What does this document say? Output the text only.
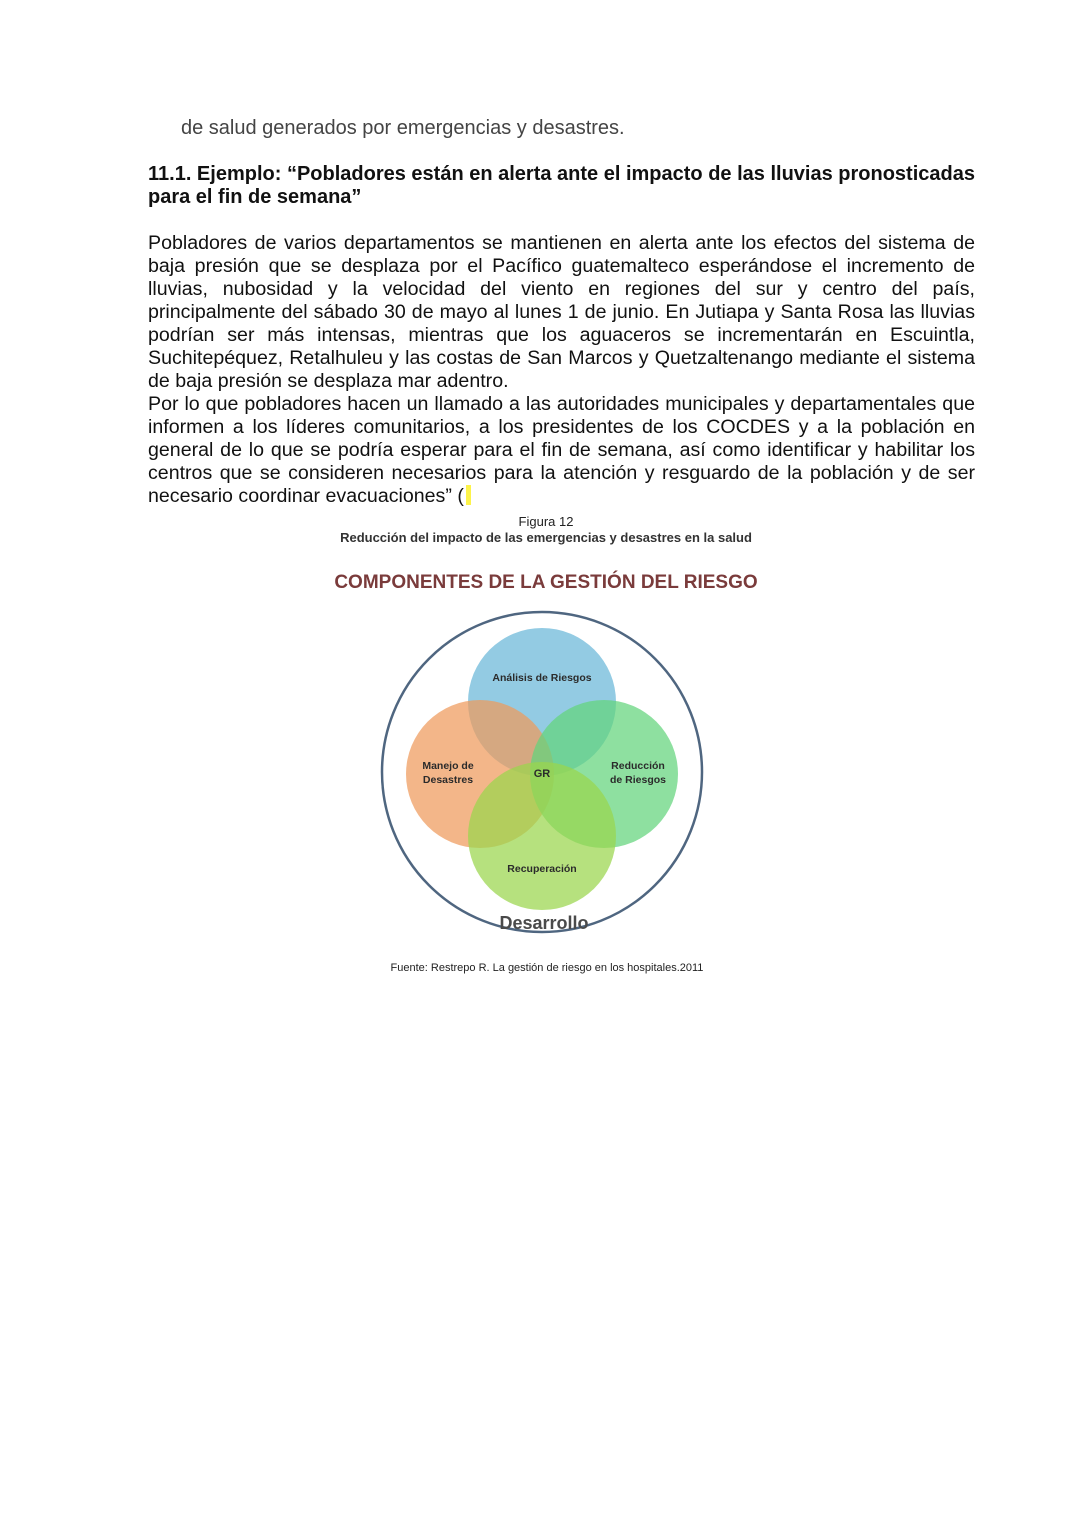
de salud generados por emergencias y desastres.
11.1. Ejemplo: “Pobladores están en alerta ante el impacto de las lluvias pronosticadas para el fin de semana”

Pobladores de varios departamentos se mantienen en alerta ante los efectos del sistema de baja presión que se desplaza por el Pacífico guatemalteco esperándose el incremento de lluvias, nubosidad y la velocidad del viento en regiones del sur y centro del país, principalmente del sábado 30 de mayo al lunes 1 de junio. En Jutiapa y Santa Rosa las lluvias podrían ser más intensas, mientras que los aguaceros se incrementarán en Escuintla, Suchitepéquez, Retalhuleu y las costas de San Marcos y Quetzaltenango mediante el sistema de baja presión se desplaza mar adentro.

Por lo que pobladores hacen un llamado a las autoridades municipales y departamentales que informen a los líderes comunitarios, a los presidentes de los COCDES y a la población en general de lo que se podría esperar para el fin de semana, así como identificar y habilitar los centros que se consideren necesarios para la atención y resguardo de la población y de ser necesario coordinar evacuaciones” (

Figura 12
Reducción del impacto de las emergencias y desastres en la salud
COMPONENTES DE LA GESTIÓN DEL RIESGO
Análisis de Riesgos
Manejo de
Desastres
Reducción
de Riesgos
Recuperación
GR
Desarrollo
Fuente: Restrepo R. La gestión de riesgo en los hospitales.2011
